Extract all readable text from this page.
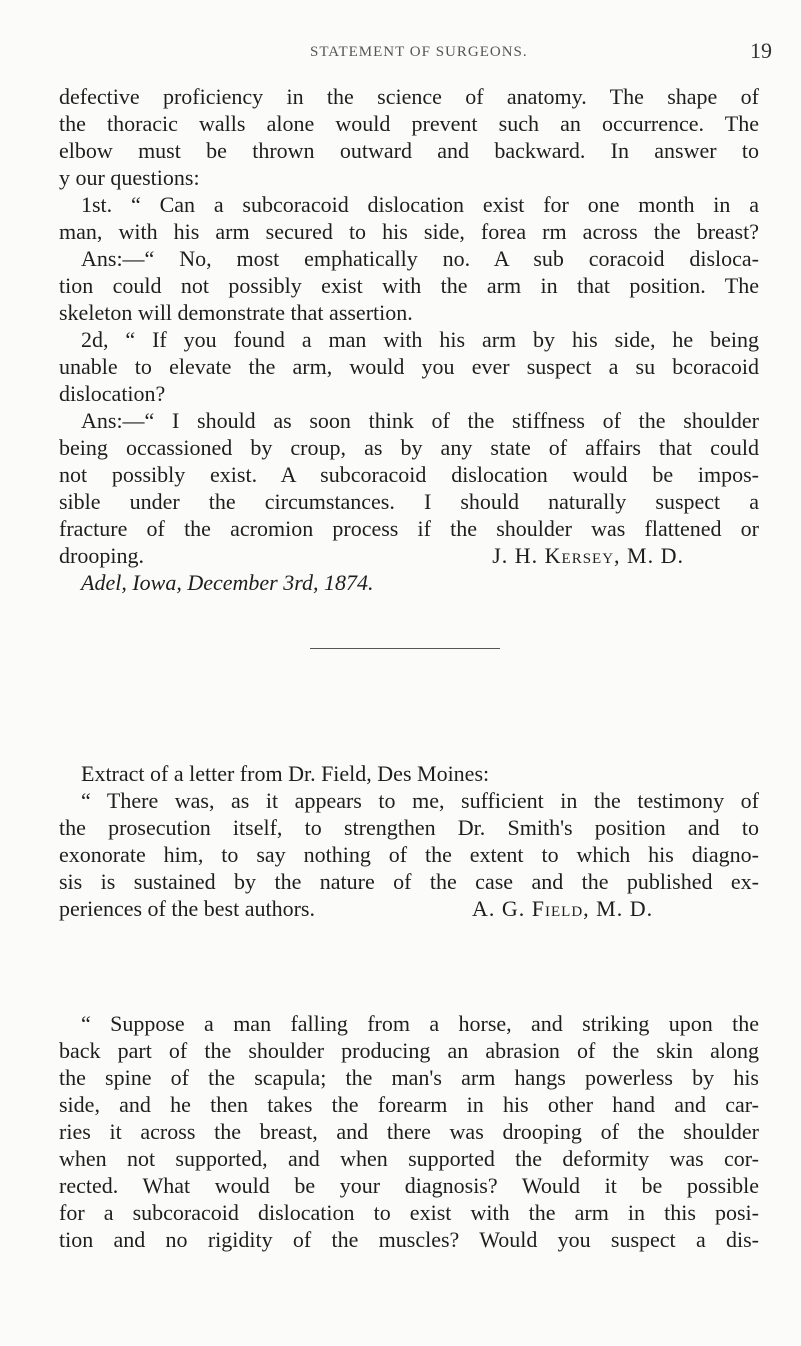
STATEMENT OF SURGEONS.	19
defective proficiency in the science of anatomy. The shape of
the thoracic walls alone would prevent such an occurrence. The
elbow must be thrown outward and backward. In answer to
y our questions:
1st. “ Can a subcoracoid dislocation exist for one month in a
man, with his arm secured to his side, forea rm across the breast?
Ans:—“ No, most emphatically no. A sub coracoid disloca-
tion could not possibly exist with the arm in that position. The
skeleton will demonstrate that assertion.
2d, “ If you found a man with his arm by his side, he being
unable to elevate the arm, would you ever suspect a su bcoracoid
dislocation?
Ans:—“ I should as soon think of the stiffness of the shoulder
being occassioned by croup, as by any state of affairs that could
not possibly exist. A subcoracoid dislocation would be impos-
sible under the circumstances. I should naturally suspect a
fracture of the acromion process if the shoulder was flattened or
drooping.	J. H. Kersey, M. D.
Adel, Iowa, December 3rd, 1874.
Extract of a letter from Dr. Field, Des Moines:
“ There was, as it appears to me, sufficient in the testimony of
the prosecution itself, to strengthen Dr. Smith's position and to
exonorate him, to say nothing of the extent to which his diagno-
sis is sustained by the nature of the case and the published ex-
periences of the best authors.	A. G. Field, M. D.
“ Suppose a man falling from a horse, and striking upon the
back part of the shoulder producing an abrasion of the skin along
the spine of the scapula; the man's arm hangs powerless by his
side, and he then takes the forearm in his other hand and car-
ries it across the breast, and there was drooping of the shoulder
when not supported, and when supported the deformity was cor-
rected. What would be your diagnosis? Would it be possible
for a subcoracoid dislocation to exist with the arm in this posi-
tion and no rigidity of the muscles? Would you suspect a dis-
